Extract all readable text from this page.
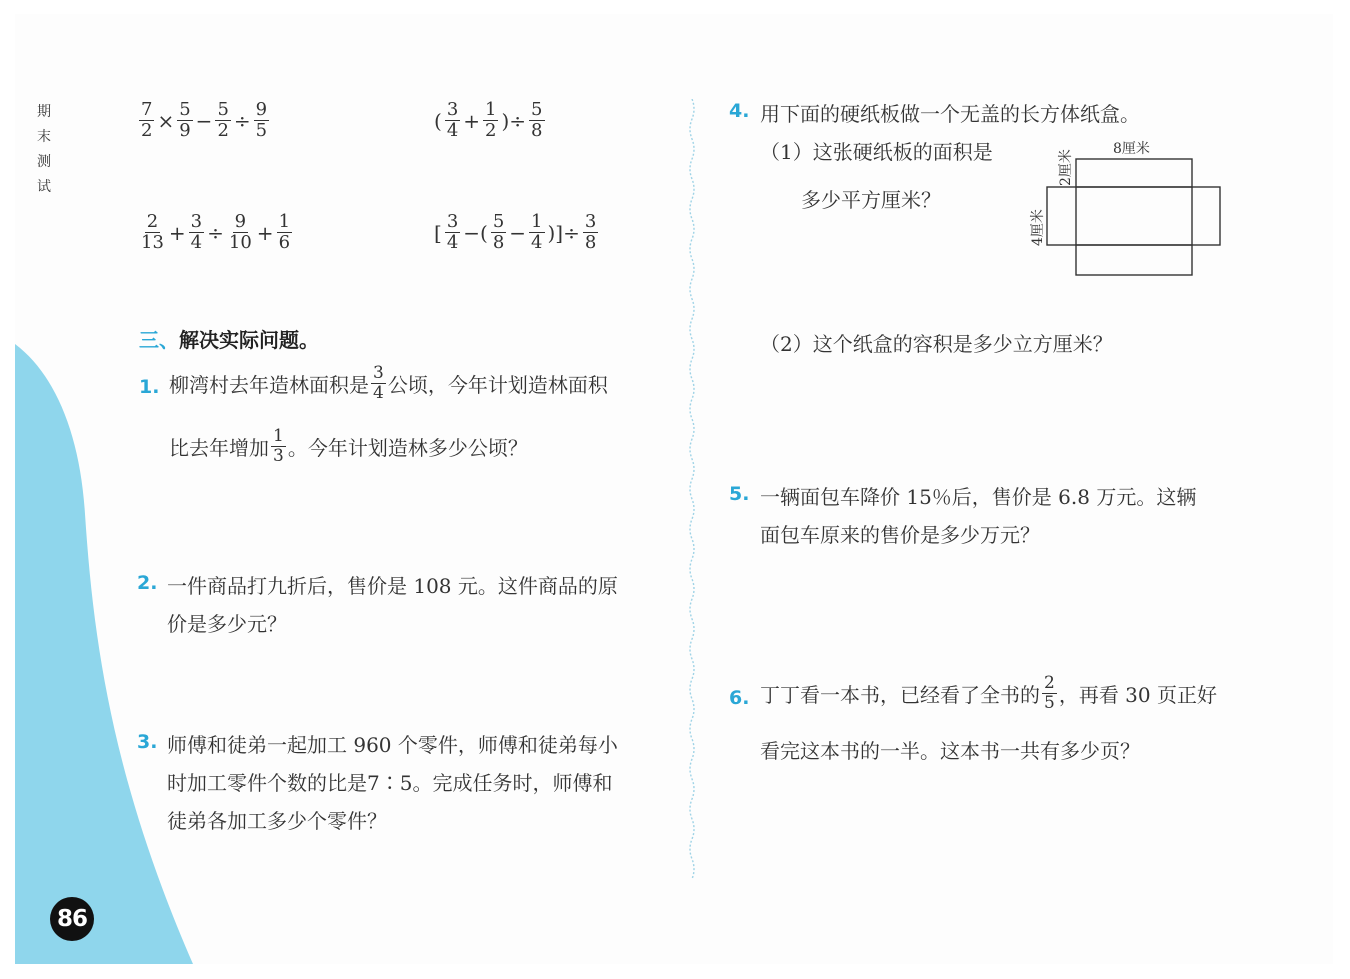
期
末
测
试
86
$\frac{7}{2} \times \frac{5}{9} - \frac{5}{2} \div \frac{9}{5}$	( $\frac{3}{4} + \frac{1}{2}$ )÷ $\frac{5}{8}$
$\frac{2}{13} + \frac{3}{4} \div \frac{9}{10} + \frac{1}{6}$	[ $\frac{3}{4}$ −( $\frac{5}{8} - \frac{1}{4}$ )]÷ $\frac{3}{8}$
三、解决实际问题。
1. 柳湾村去年造林面积是 $\frac{3}{4}$ 公顷，今年计划造林面积
比去年增加 $\frac{1}{3}$ 。今年计划造林多少公顷？
2. 一件商品打九折后，售价是 108 元。这件商品的原
价是多少元？
3. 师傅和徒弟一起加工 960 个零件，师傅和徒弟每小
时加工零件个数的比是7∶5。完成任务时，师傅和
徒弟各加工多少个零件？
4. 用下面的硬纸板做一个无盖的长方体纸盒。
（1）这张硬纸板的面积是
多少平方厘米？
8厘米
2厘米
4厘米
（2）这个纸盒的容积是多少立方厘米？
5. 一辆面包车降价 15％后，售价是 6.8 万元。这辆
面包车原来的售价是多少万元？
6. 丁丁看一本书，已经看了全书的 $\frac{2}{5}$ ，再看 30 页正好
看完这本书的一半。这本书一共有多少页？
